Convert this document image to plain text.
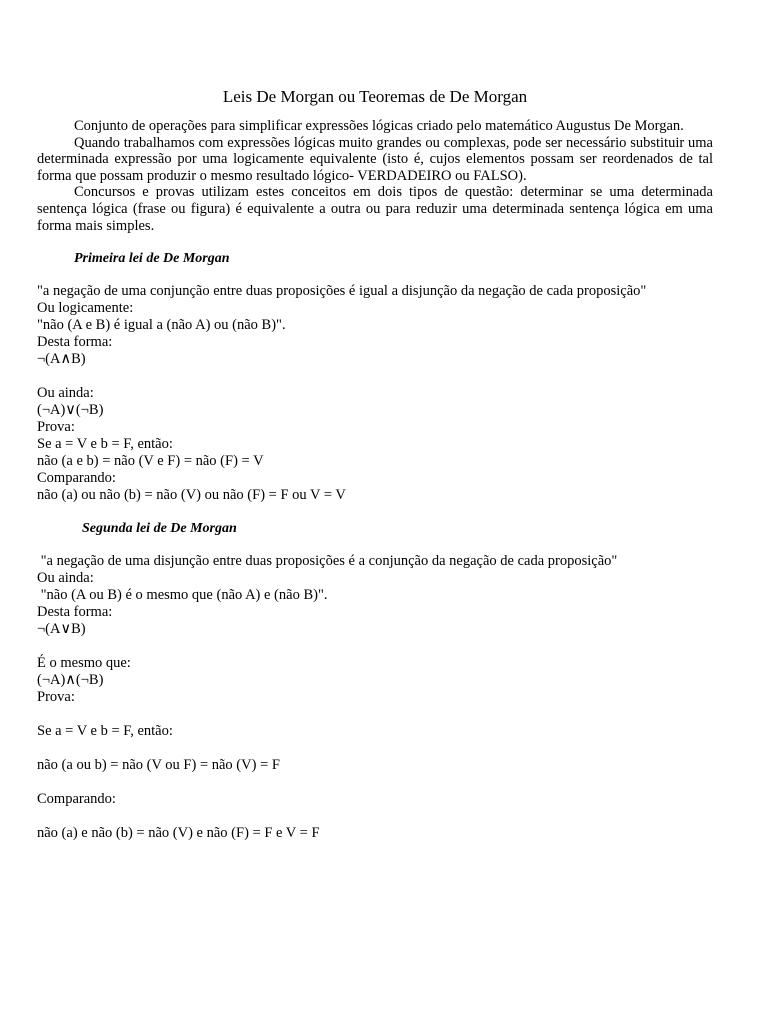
Leis De Morgan ou Teoremas de De Morgan

Conjunto de operações para simplificar expressões lógicas criado pelo matemático Augustus De Morgan.

Quando trabalhamos com expressões lógicas muito grandes ou complexas, pode ser necessário substituir uma determinada expressão por uma logicamente equivalente (isto é, cujos elementos possam ser reordenados de tal forma que possam produzir o mesmo resultado lógico- VERDADEIRO ou FALSO).

Concursos e provas utilizam estes conceitos em dois tipos de questão: determinar se uma determinada sentença lógica (frase ou figura) é equivalente a outra ou para reduzir uma determinada sentença lógica em uma forma mais simples.

Primeira lei de De Morgan
"a negação de uma conjunção entre duas proposições é igual a disjunção da negação de cada proposição"
Ou logicamente:
"não (A e B) é igual a (não A) ou (não B)".
Desta forma:
¬(A∧B)
Ou ainda:
(¬A)∨(¬B)
Prova:
Se a = V e b = F, então:
não (a e b) = não (V e F) = não (F) = V
Comparando:
não (a) ou não (b) = não (V) ou não (F) = F ou V = V
Segunda lei de De Morgan
"a negação de uma disjunção entre duas proposições é a conjunção da negação de cada proposição"
Ou ainda:
"não (A ou B) é o mesmo que (não A) e (não B)".
Desta forma:
¬(A∨B)
É o mesmo que:
(¬A)∧(¬B)
Prova:
Se a = V e b = F, então:
não (a ou b) = não (V ou F) = não (V) = F
Comparando:
não (a) e não (b) = não (V) e não (F) = F e V = F
